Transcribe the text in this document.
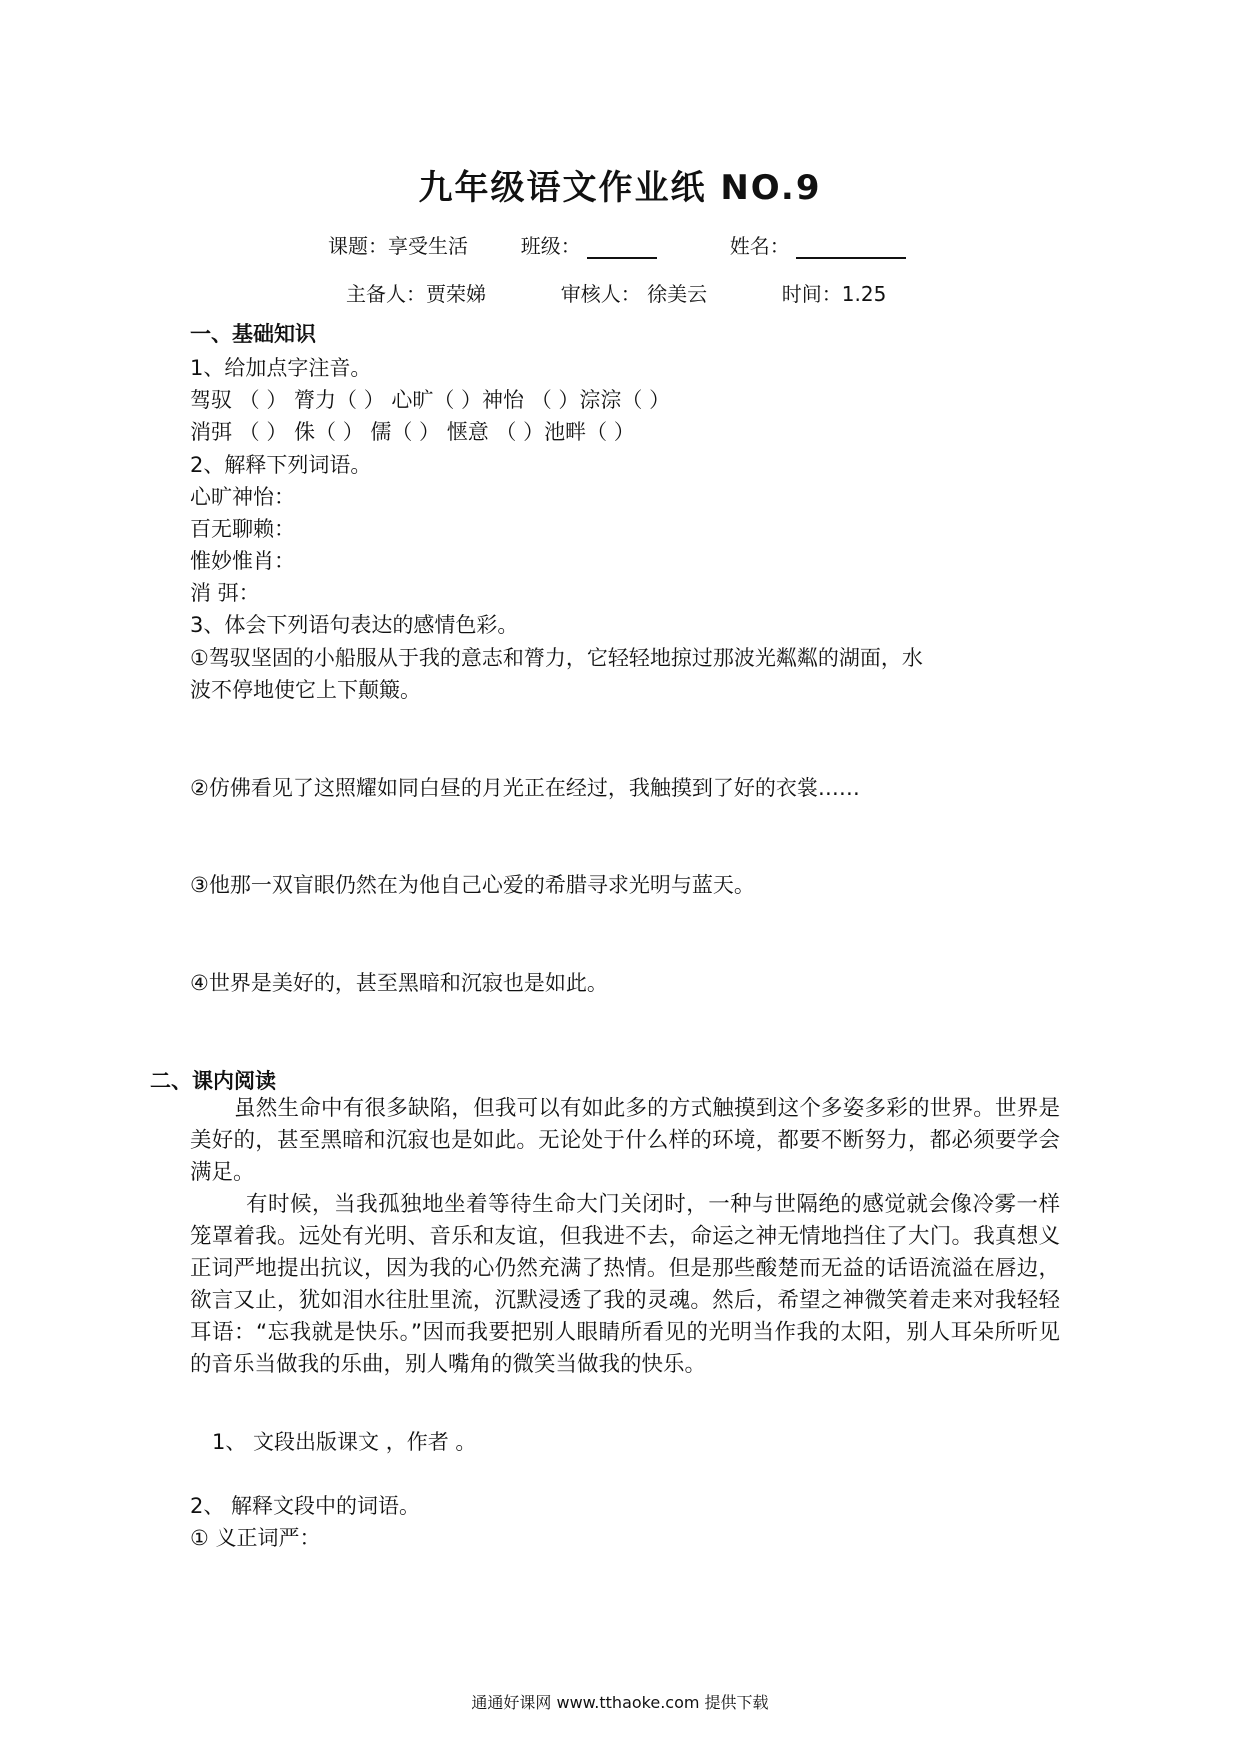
九年级语文作业纸 NO.9
课题：享受生活	班级：	姓名：
主备人：贾荣娣	审核人： 徐美云	时间：1.25
一、基础知识
1、给加点字注音。
驾驭 （ ） 膂力（ ） 心旷（ ）神怡 （ ）淙淙（ ）
消弭 （ ） 侏（ ） 儒（ ） 惬意 （ ）池畔（ ）
2、解释下列词语。
心旷神怡：
百无聊赖：
惟妙惟肖：
消 弭：
3、体会下列语句表达的感情色彩。
①驾驭坚固的小船服从于我的意志和膂力，它轻轻地掠过那波光粼粼的湖面，水
波不停地使它上下颠簸。
②仿佛看见了这照耀如同白昼的月光正在经过，我触摸到了好的衣裳……
③他那一双盲眼仍然在为他自己心爱的希腊寻求光明与蓝天。
④世界是美好的，甚至黑暗和沉寂也是如此。
二、课内阅读
虽然生命中有很多缺陷，但我可以有如此多的方式触摸到这个多姿多彩的世界。世界是美好的，甚至黑暗和沉寂也是如此。无论处于什么样的环境，都要不断努力，都必须要学会满足。
有时候，当我孤独地坐着等待生命大门关闭时，一种与世隔绝的感觉就会像冷雾一样笼罩着我。远处有光明、音乐和友谊，但我进不去，命运之神无情地挡住了大门。我真想义正词严地提出抗议，因为我的心仍然充满了热情。但是那些酸楚而无益的话语流溢在唇边，欲言又止，犹如泪水往肚里流，沉默浸透了我的灵魂。然后，希望之神微笑着走来对我轻轻耳语：“忘我就是快乐。”因而我要把别人眼睛所看见的光明当作我的太阳，别人耳朵所听见的音乐当做我的乐曲，别人嘴角的微笑当做我的快乐。
1、 文段出版课文 ，作者 。
2、 解释文段中的词语。
① 义正词严：
通通好课网 www.tthaoke.com 提供下载
